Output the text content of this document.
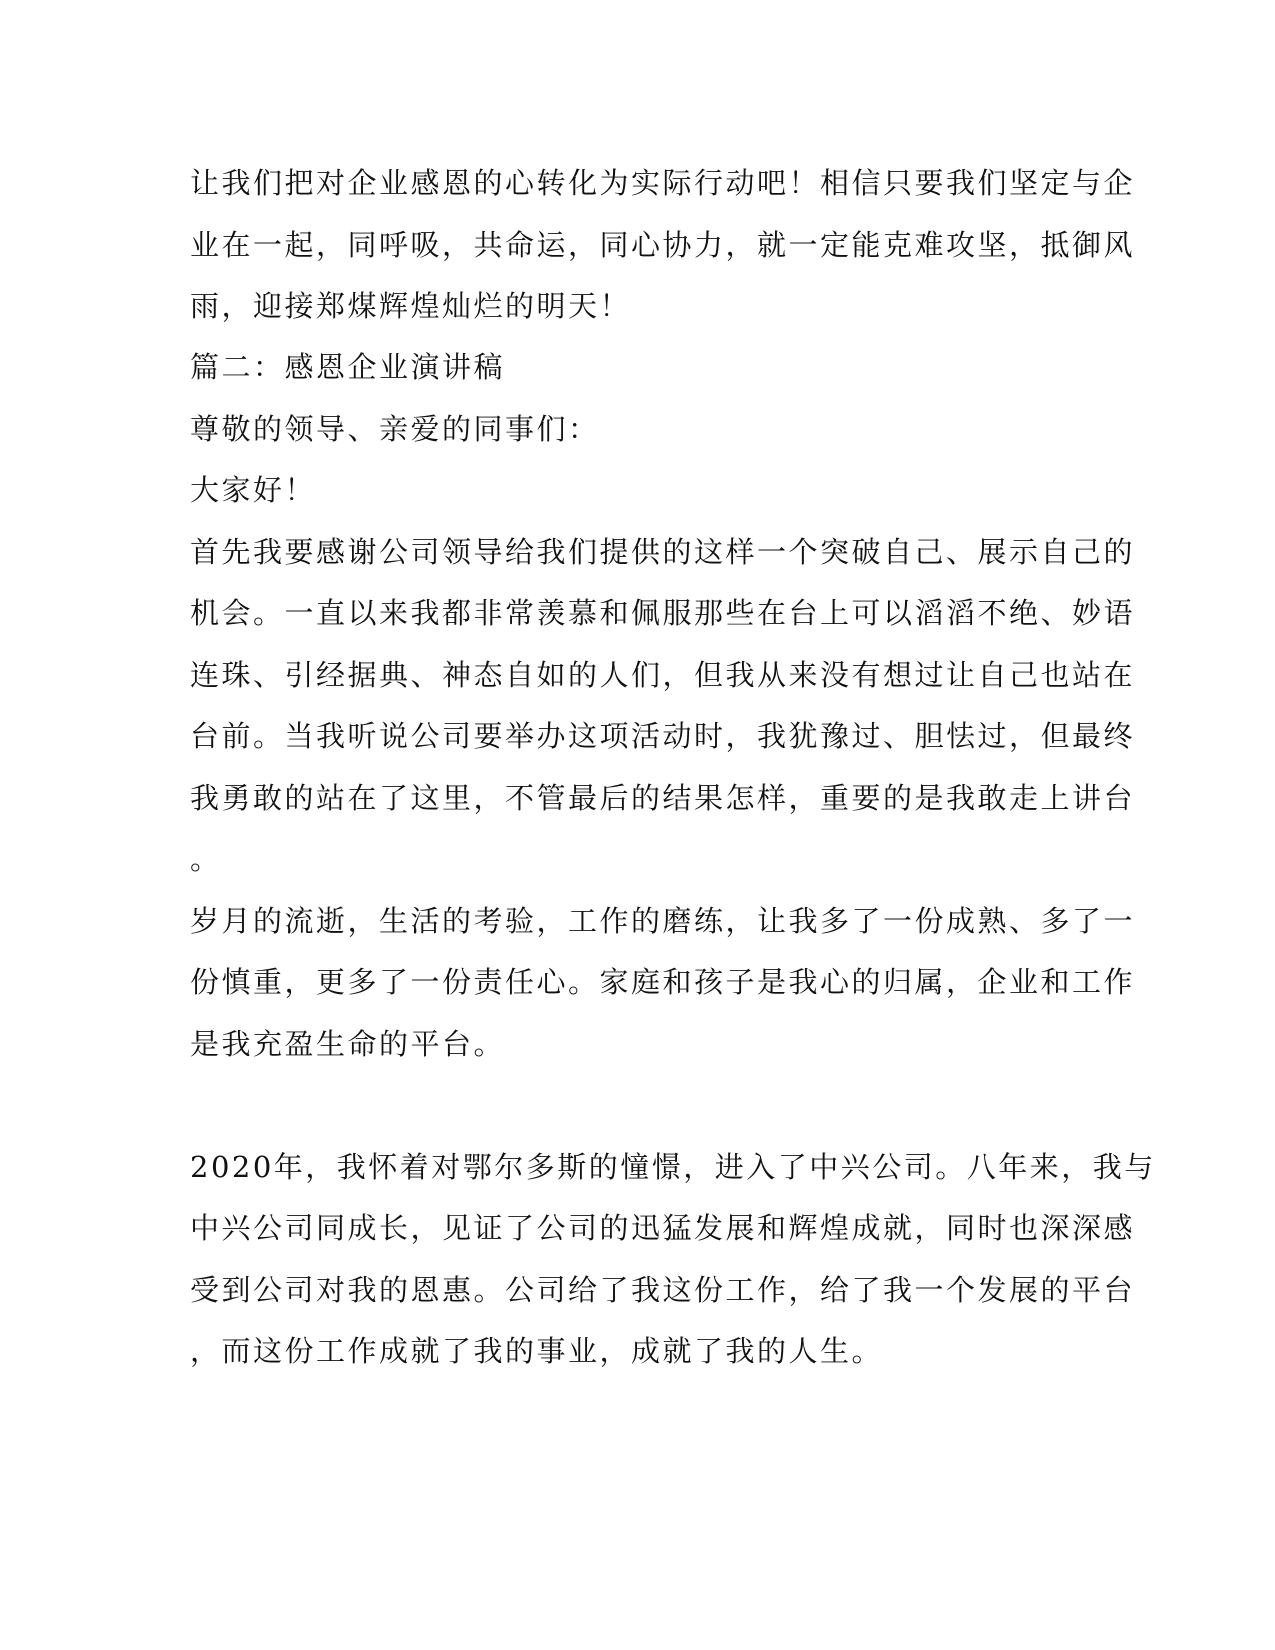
让我们把对企业感恩的心转化为实际行动吧！相信只要我们坚定与企

业在一起，同呼吸，共命运，同心协力，就一定能克难攻坚，抵御风

雨，迎接郑煤辉煌灿烂的明天！

篇二：感恩企业演讲稿

尊敬的领导、亲爱的同事们：

大家好！

首先我要感谢公司领导给我们提供的这样一个突破自己、展示自己的

机会。一直以来我都非常羡慕和佩服那些在台上可以滔滔不绝、妙语

连珠、引经据典、神态自如的人们，但我从来没有想过让自己也站在

台前。当我听说公司要举办这项活动时，我犹豫过、胆怯过，但最终

我勇敢的站在了这里，不管最后的结果怎样，重要的是我敢走上讲台

。

岁月的流逝，生活的考验，工作的磨练，让我多了一份成熟、多了一

份慎重，更多了一份责任心。家庭和孩子是我心的归属，企业和工作

是我充盈生命的平台。

2020年，我怀着对鄂尔多斯的憧憬，进入了中兴公司。八年来，我与

中兴公司同成长，见证了公司的迅猛发展和辉煌成就，同时也深深感

受到公司对我的恩惠。公司给了我这份工作，给了我一个发展的平台

，而这份工作成就了我的事业，成就了我的人生。
